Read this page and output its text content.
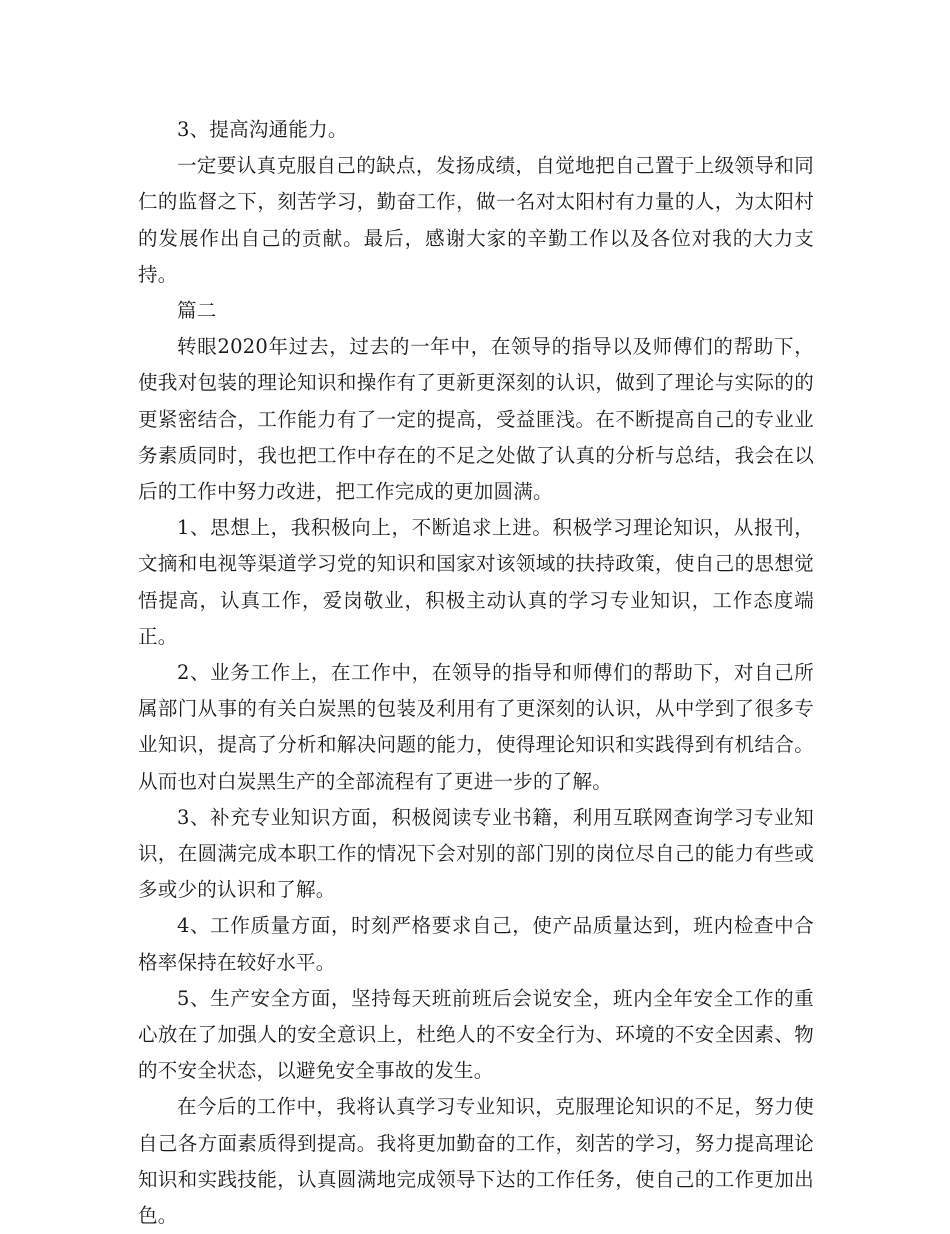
3、提高沟通能力。

一定要认真克服自己的缺点，发扬成绩，自觉地把自己置于上级领导和同仁的监督之下，刻苦学习，勤奋工作，做一名对太阳村有力量的人，为太阳村的发展作出自己的贡献。最后，感谢大家的辛勤工作以及各位对我的大力支持。

篇二

转眼2020年过去，过去的一年中，在领导的指导以及师傅们的帮助下，使我对包装的理论知识和操作有了更新更深刻的认识，做到了理论与实际的的更紧密结合，工作能力有了一定的提高，受益匪浅。在不断提高自己的专业业务素质同时，我也把工作中存在的不足之处做了认真的分析与总结，我会在以后的工作中努力改进，把工作完成的更加圆满。

1、思想上，我积极向上，不断追求上进。积极学习理论知识，从报刊，文摘和电视等渠道学习党的知识和国家对该领域的扶持政策，使自己的思想觉悟提高，认真工作，爱岗敬业，积极主动认真的学习专业知识，工作态度端正。

2、业务工作上，在工作中，在领导的指导和师傅们的帮助下，对自己所属部门从事的有关白炭黑的包装及利用有了更深刻的认识，从中学到了很多专业知识，提高了分析和解决问题的能力，使得理论知识和实践得到有机结合。从而也对白炭黑生产的全部流程有了更进一步的了解。

3、补充专业知识方面，积极阅读专业书籍，利用互联网查询学习专业知识，在圆满完成本职工作的情况下会对别的部门别的岗位尽自己的能力有些或多或少的认识和了解。

4、工作质量方面，时刻严格要求自己，使产品质量达到，班内检查中合格率保持在较好水平。

5、生产安全方面，坚持每天班前班后会说安全，班内全年安全工作的重心放在了加强人的安全意识上，杜绝人的不安全行为、环境的不安全因素、物的不安全状态，以避免安全事故的发生。

在今后的工作中，我将认真学习专业知识，克服理论知识的不足，努力使自己各方面素质得到提高。我将更加勤奋的工作，刻苦的学习，努力提高理论知识和实践技能，认真圆满地完成领导下达的工作任务，使自己的工作更加出色。
